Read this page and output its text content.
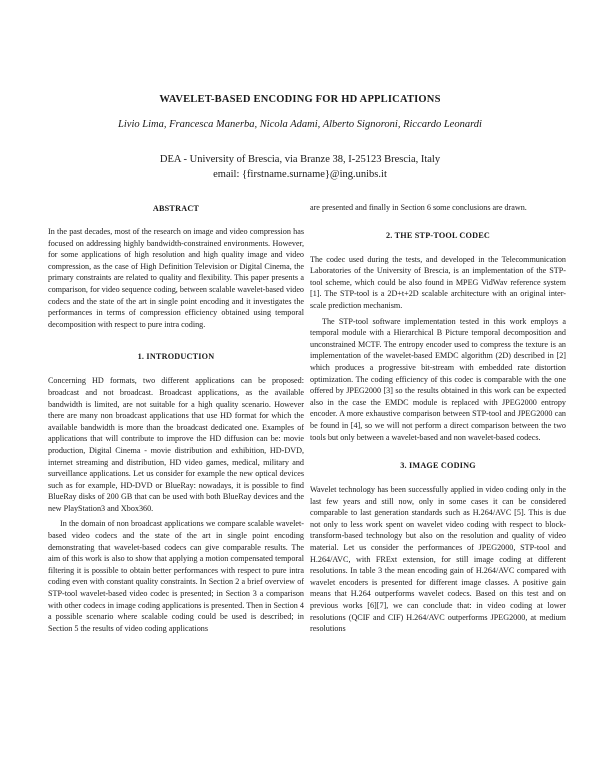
WAVELET-BASED ENCODING FOR HD APPLICATIONS
Livio Lima, Francesca Manerba, Nicola Adami, Alberto Signoroni, Riccardo Leonardi
DEA - University of Brescia, via Branze 38, I-25123 Brescia, Italy
email: {firstname.surname}@ing.unibs.it
ABSTRACT

In the past decades, most of the research on image and video compression has focused on addressing highly bandwidth-constrained environments. However, for some applications of high resolution and high quality image and video compression, as the case of High Definition Television or Digital Cinema, the primary constraints are related to quality and flexibility. This paper presents a comparison, for video sequence coding, between scalable wavelet-based video codecs and the state of the art in single point encoding and it investigates the performances in terms of compression efficiency obtained using temporal decomposition with respect to pure intra coding.

1. INTRODUCTION

Concerning HD formats, two different applications can be proposed: broadcast and not broadcast. Broadcast applications, as the available bandwidth is limited, are not suitable for a high quality scenario. However there are many non broadcast applications that use HD format for which the available bandwidth is more than the broadcast dedicated one. Examples of applications that will contribute to improve the HD diffusion can be: movie production, Digital Cinema - movie distribution and exhibition, HD-DVD, internet streaming and distribution, HD video games, medical, military and surveillance applications. Let us consider for example the new optical devices such as for example, HD-DVD or BlueRay: nowadays, it is possible to find BlueRay disks of 200 GB that can be used with both BlueRay devices and the new PlayStation3 and Xbox360.

In the domain of non broadcast applications we compare scalable wavelet-based video codecs and the state of the art in single point encoding demonstrating that wavelet-based codecs can give comparable results. The aim of this work is also to show that applying a motion compensated temporal filtering it is possible to obtain better performances with respect to pure intra coding even with constant quality constraints. In Section 2 a brief overview of STP-tool wavelet-based video codec is presented; in Section 3 a comparison with other codecs in image coding applications is presented. Then in Section 4 a possible scenario where scalable coding could be used is described; in Section 5 the results of video coding applications

are presented and finally in Section 6 some conclusions are drawn.

2. THE STP-TOOL CODEC

The codec used during the tests, and developed in the Telecommunication Laboratories of the University of Brescia, is an implementation of the STP-tool scheme, which could be also found in MPEG VidWav reference system [1]. The STP-tool is a 2D+t+2D scalable architecture with an original inter-scale prediction mechanism.

The STP-tool software implementation tested in this work employs a temporal module with a Hierarchical B Picture temporal decomposition and unconstrained MCTF. The entropy encoder used to compress the texture is an implementation of the wavelet-based EMDC algorithm (2D) described in [2] which produces a progressive bit-stream with embedded rate distortion optimization. The coding efficiency of this codec is comparable with the one offered by JPEG2000 [3] so the results obtained in this work can be expected also in the case the EMDC module is replaced with JPEG2000 entropy encoder. A more exhaustive comparison between STP-tool and JPEG2000 can be found in [4], so we will not perform a direct comparison between the two tools but only between a wavelet-based and non wavelet-based codecs.

3. IMAGE CODING

Wavelet technology has been successfully applied in video coding only in the last few years and still now, only in some cases it can be considered comparable to last generation standards such as H.264/AVC [5]. This is due not only to less work spent on wavelet video coding with respect to block-transform-based technology but also on the resolution and quality of video material. Let us consider the performances of JPEG2000, STP-tool and H.264/AVC, with FRExt extension, for still image coding at different resolutions. In table 3 the mean encoding gain of H.264/AVC compared with wavelet encoders is presented for different image classes. A positive gain means that H.264 outperforms wavelet codecs. Based on this test and on previous works [6][7], we can conclude that: in video coding at lower resolutions (QCIF and CIF) H.264/AVC outperforms JPEG2000, at medium resolutions
